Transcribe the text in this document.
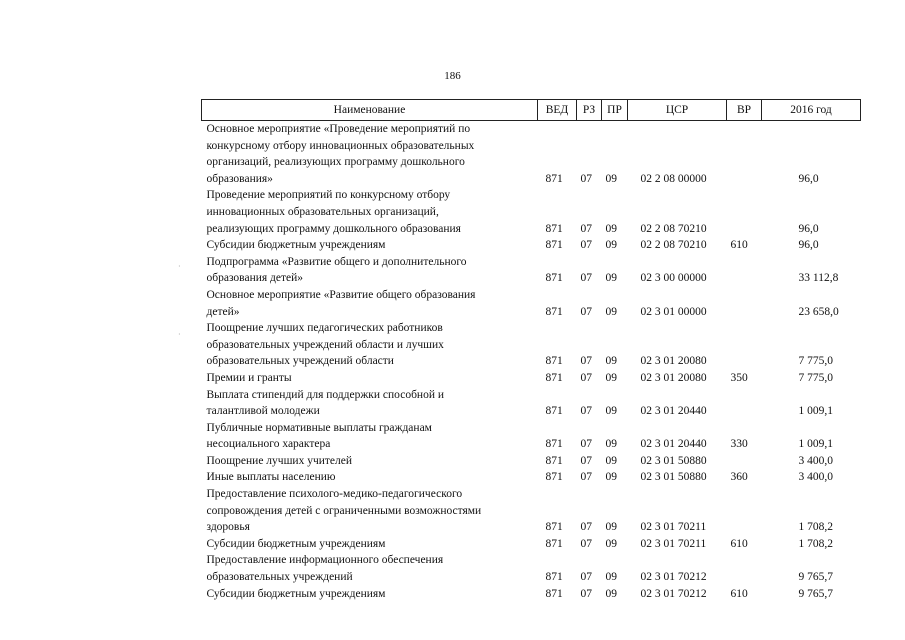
186
·
·
Наименование	ВЕД	РЗ	ПР	ЦСР	ВР	2016 год

Основное мероприятие «Проведение мероприятий по
конкурсному отбору инновационных образовательных
организаций, реализующих программу дошкольного
образования»	871	07	09	02 2 08 00000		96,0

Проведение мероприятий по конкурсному отбору
инновационных образовательных организаций,
реализующих программу дошкольного образования	871	07	09	02 2 08 70210		96,0

Субсидии бюджетным учреждениям	871	07	09	02 2 08 70210	610	96,0

Подпрограмма «Развитие общего и дополнительного
образования детей»	871	07	09	02 3 00 00000		33 112,8

Основное мероприятие «Развитие общего образования
детей»	871	07	09	02 3 01 00000		23 658,0

Поощрение лучших педагогических работников
образовательных учреждений области и лучших
образовательных учреждений области	871	07	09	02 3 01 20080		7 775,0

Премии и гранты	871	07	09	02 3 01 20080	350	7 775,0

Выплата стипендий для поддержки способной и
талантливой молодежи	871	07	09	02 3 01 20440		1 009,1

Публичные нормативные выплаты гражданам
несоциального характера	871	07	09	02 3 01 20440	330	1 009,1

Поощрение лучших учителей	871	07	09	02 3 01 50880		3 400,0

Иные выплаты населению	871	07	09	02 3 01 50880	360	3 400,0

Предоставление психолого-медико-педагогического
сопровождения детей с ограниченными возможностями
здоровья	871	07	09	02 3 01 70211		1 708,2

Субсидии бюджетным учреждениям	871	07	09	02 3 01 70211	610	1 708,2

Предоставление информационного обеспечения
образовательных учреждений	871	07	09	02 3 01 70212		9 765,7

Субсидии бюджетным учреждениям	871	07	09	02 3 01 70212	610	9 765,7
